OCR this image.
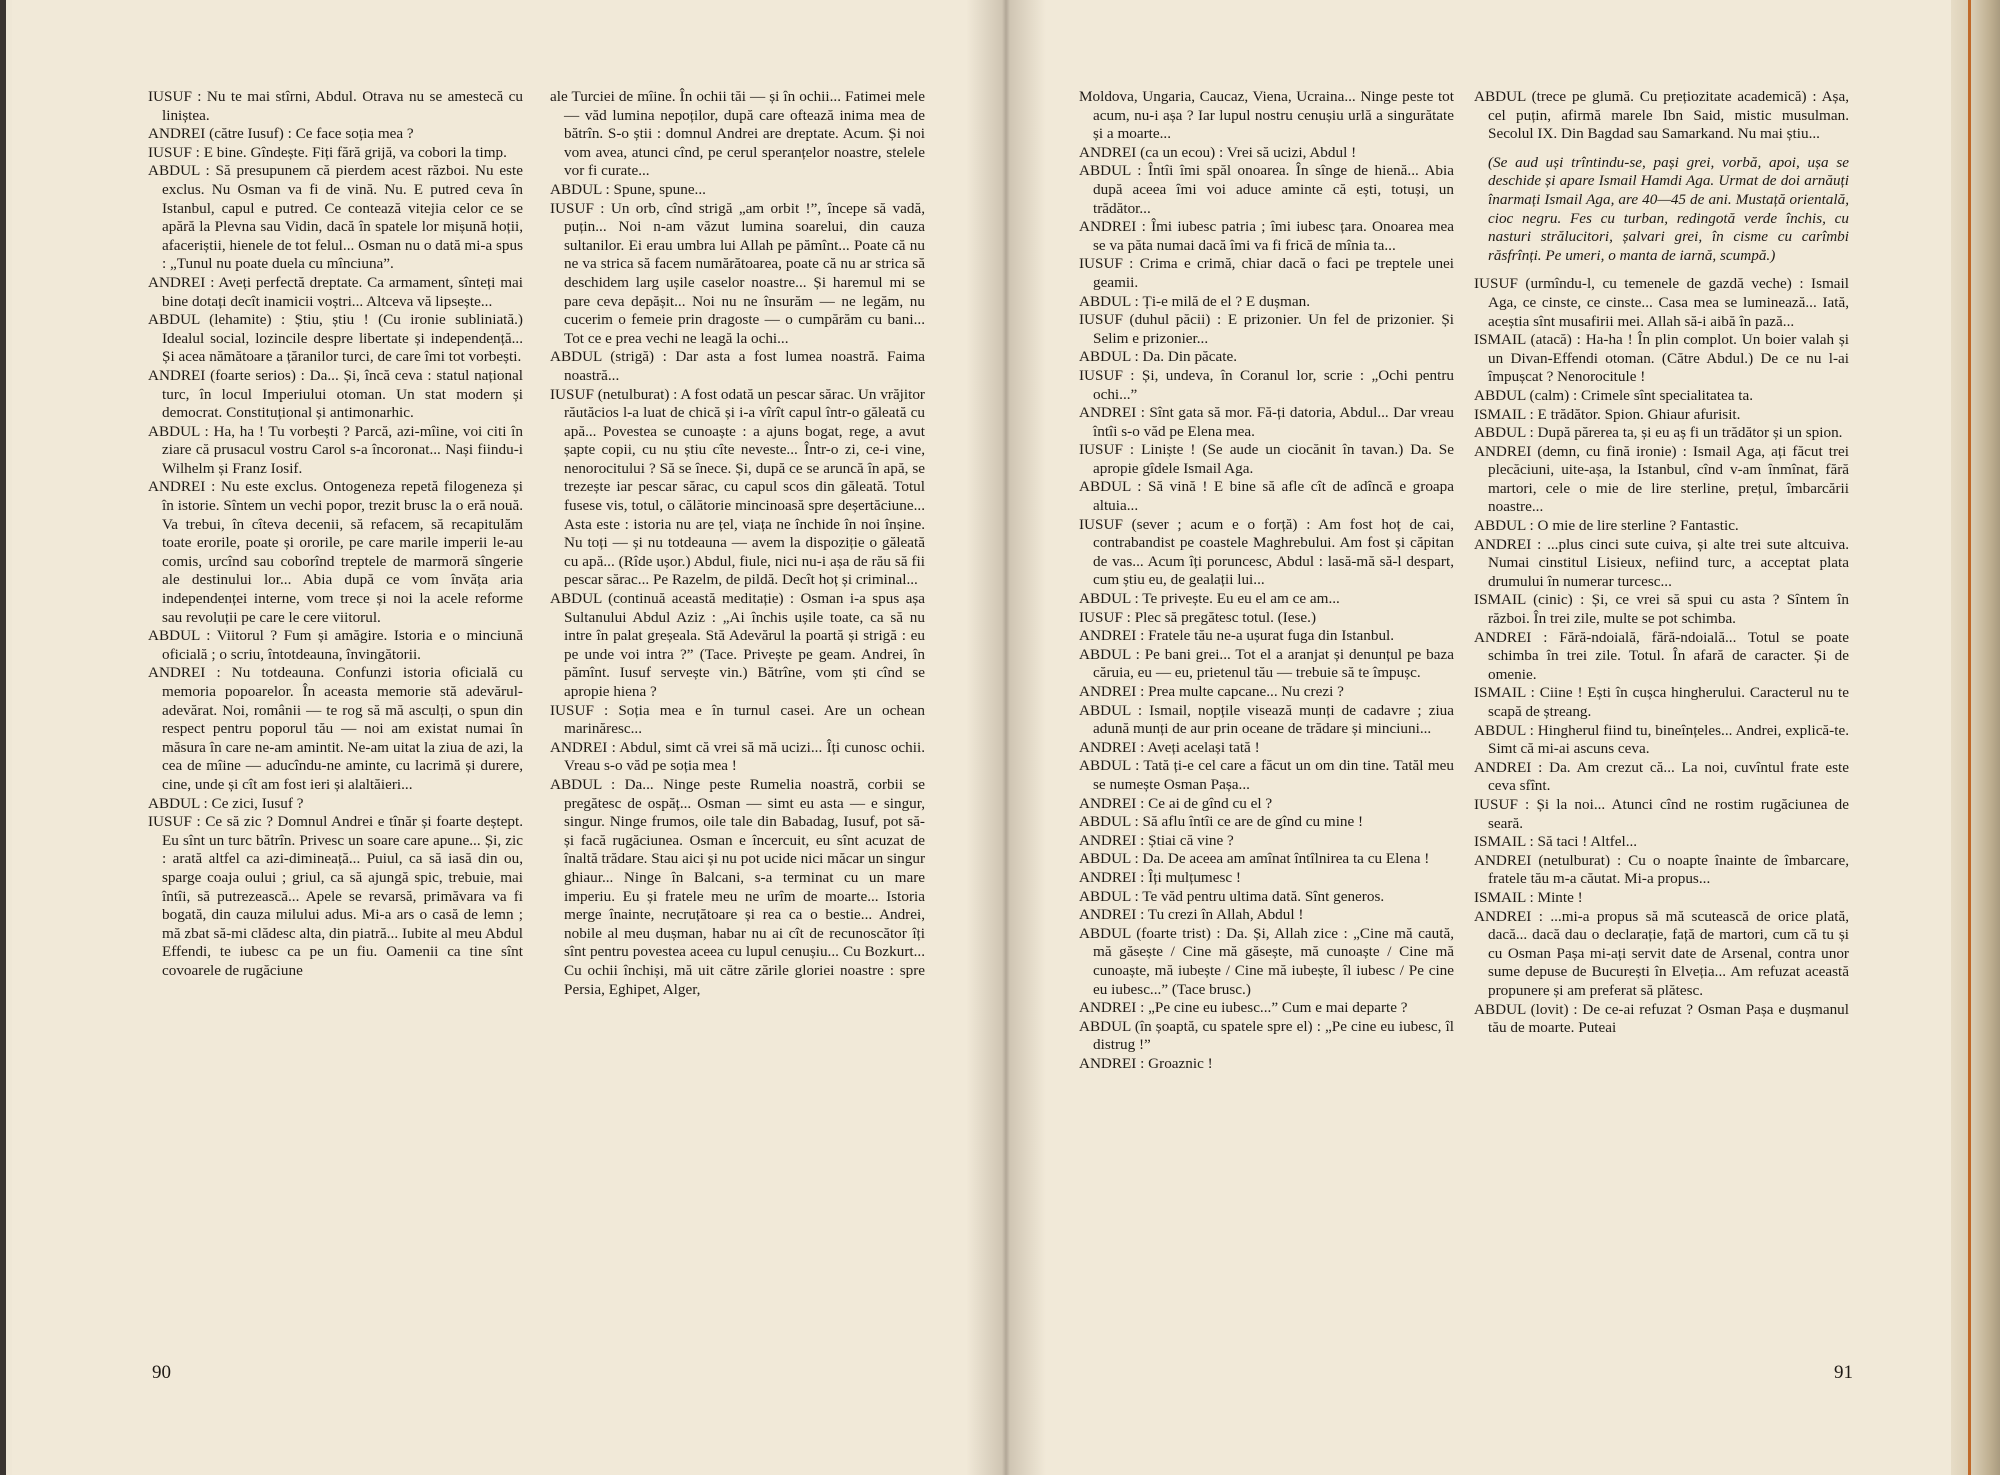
IUSUF : Nu te mai stîrni, Abdul. Otrava nu se amestecă cu liniștea.

ANDREI (către Iusuf) : Ce face soția mea ?

IUSUF : E bine. Gîndește. Fiți fără grijă, va cobori la timp.

ABDUL : Să presupunem că pierdem acest război. Nu este exclus. Nu Osman va fi de vină. Nu. E putred ceva în Istanbul, capul e putred. Ce contează vitejia celor ce se apără la Plevna sau Vidin, dacă în spatele lor mișună hoții, afaceriștii, hienele de tot felul... Osman nu o dată mi-a spus : „Tunul nu poate duela cu mînciuna”.

ANDREI : Aveți perfectă dreptate. Ca armament, sînteți mai bine dotați decît inamicii voștri... Altceva vă lipsește...

ABDUL (lehamite) : Știu, știu ! (Cu ironie subliniată.) Idealul social, lozincile despre libertate și independență... Și acea nămătoare a țăranilor turci, de care îmi tot vorbești.

ANDREI (foarte serios) : Da... Și, încă ceva : statul național turc, în locul Imperiului otoman. Un stat modern și democrat. Constituțional și antimonarhic.

ABDUL : Ha, ha ! Tu vorbești ? Parcă, azi-mîine, voi citi în ziare că prusacul vostru Carol s-a încoronat... Nași fiindu-i Wilhelm și Franz Iosif.

ANDREI : Nu este exclus. Ontogeneza repetă filogeneza și în istorie. Sîntem un vechi popor, trezit brusc la o eră nouă. Va trebui, în cîteva decenii, să refacem, să recapitulăm toate erorile, poate și ororile, pe care marile imperii le-au comis, urcînd sau coborînd treptele de marmoră sîngerie ale destinului lor... Abia după ce vom învăța aria independenței interne, vom trece și noi la acele reforme sau revoluții pe care le cere viitorul.

ABDUL : Viitorul ? Fum și amăgire. Istoria e o minciună oficială ; o scriu, întotdeauna, învingătorii.

ANDREI : Nu totdeauna. Confunzi istoria oficială cu memoria popoarelor. În aceasta memorie stă adevărul-adevărat. Noi, românii — te rog să mă asculți, o spun din respect pentru poporul tău — noi am existat numai în măsura în care ne-am amintit. Ne-am uitat la ziua de azi, la cea de mîine — aducîndu-ne aminte, cu lacrimă și durere, cine, unde și cît am fost ieri și alaltăieri...

ABDUL : Ce zici, Iusuf ?

IUSUF : Ce să zic ? Domnul Andrei e tînăr și foarte deștept. Eu sînt un turc bătrîn. Privesc un soare care apune... Și, zic : arată altfel ca azi-dimineață... Puiul, ca să iasă din ou, sparge coaja oului ; griul, ca să ajungă spic, trebuie, mai întîi, să putrezească... Apele se revarsă, primăvara va fi bogată, din cauza milului adus. Mi-a ars o casă de lemn ; mă zbat să-mi clădesc alta, din piatră... Iubite al meu Abdul Effendi, te iubesc ca pe un fiu. Oamenii ca tine sînt covoarele de rugăciune

ale Turciei de mîine. În ochii tăi — și în ochii... Fatimei mele — văd lumina nepoților, după care oftează inima mea de bătrîn. S-o știi : domnul Andrei are dreptate. Acum. Și noi vom avea, atunci cînd, pe cerul speranțelor noastre, stelele vor fi curate...

ABDUL : Spune, spune...

IUSUF : Un orb, cînd strigă „am orbit !”, începe să vadă, puțin... Noi n-am văzut lumina soarelui, din cauza sultanilor. Ei erau umbra lui Allah pe pămînt... Poate că nu ne va strica să facem numărătoarea, poate că nu ar strica să deschidem larg ușile caselor noastre... Și haremul mi se pare ceva depășit... Noi nu ne însurăm — ne legăm, nu cucerim o femeie prin dragoste — o cumpărăm cu bani... Tot ce e prea vechi ne leagă la ochi...

ABDUL (strigă) : Dar asta a fost lumea noastră. Faima noastră...

IUSUF (netulburat) : A fost odată un pescar sărac. Un vrăjitor răutăcios l-a luat de chică și i-a vîrît capul într-o găleată cu apă... Povestea se cunoaște : a ajuns bogat, rege, a avut șapte copii, cu nu știu cîte neveste... Într-o zi, ce-i vine, nenorocitului ? Să se înece. Și, după ce se aruncă în apă, se trezește iar pescar sărac, cu capul scos din găleată. Totul fusese vis, totul, o călătorie mincinoasă spre deșertăciune... Asta este : istoria nu are țel, viața ne închide în noi înșine. Nu toți — și nu totdeauna — avem la dispoziție o găleată cu apă... (Rîde ușor.) Abdul, fiule, nici nu-i așa de rău să fii pescar sărac... Pe Razelm, de pildă. Decît hoț și criminal...

ABDUL (continuă această meditație) : Osman i-a spus așa Sultanului Abdul Aziz : „Ai închis ușile toate, ca să nu intre în palat greșeala. Stă Adevărul la poartă și strigă : eu pe unde voi intra ?” (Tace. Privește pe geam. Andrei, în pămînt. Iusuf servește vin.) Bătrîne, vom ști cînd se apropie hiena ?

IUSUF : Soția mea e în turnul casei. Are un ochean marinăresc...

ANDREI : Abdul, simt că vrei să mă ucizi... Îți cunosc ochii. Vreau s-o văd pe soția mea !

ABDUL : Da... Ninge peste Rumelia noastră, corbii se pregătesc de ospăț... Osman — simt eu asta — e singur, singur. Ninge frumos, oile tale din Babadag, Iusuf, pot să-și facă rugăciunea. Osman e încercuit, eu sînt acuzat de înaltă trădare. Stau aici și nu pot ucide nici măcar un singur ghiaur... Ninge în Balcani, s-a terminat cu un mare imperiu. Eu și fratele meu ne urîm de moarte... Istoria merge înainte, necruțătoare și rea ca o bestie... Andrei, nobile al meu dușman, habar nu ai cît de recunoscător îți sînt pentru povestea aceea cu lupul cenușiu... Cu Bozkurt... Cu ochii închiși, mă uit către zările gloriei noastre : spre Persia, Eghipet, Alger,

90

Moldova, Ungaria, Caucaz, Viena, Ucraina... Ninge peste tot acum, nu-i așa ? Iar lupul nostru cenușiu urlă a singurătate și a moarte...

ANDREI (ca un ecou) : Vrei să ucizi, Abdul !

ABDUL : Întîi îmi spăl onoarea. În sînge de hienă... Abia după aceea îmi voi aduce aminte că ești, totuși, un trădător...

ANDREI : Îmi iubesc patria ; îmi iubesc țara. Onoarea mea se va păta numai dacă îmi va fi frică de mînia ta...

IUSUF : Crima e crimă, chiar dacă o faci pe treptele unei geamii.

ABDUL : Ți-e milă de el ? E dușman.

IUSUF (duhul păcii) : E prizonier. Un fel de prizonier. Și Selim e prizonier...

ABDUL : Da. Din păcate.

IUSUF : Și, undeva, în Coranul lor, scrie : „Ochi pentru ochi...”

ANDREI : Sînt gata să mor. Fă-ți datoria, Abdul... Dar vreau întîi s-o văd pe Elena mea.

IUSUF : Liniște ! (Se aude un ciocănit în tavan.) Da. Se apropie gîdele Ismail Aga.

ABDUL : Să vină ! E bine să afle cît de adîncă e groapa altuia...

IUSUF (sever ; acum e o forță) : Am fost hoț de cai, contrabandist pe coastele Maghrebului. Am fost și căpitan de vas... Acum îți poruncesc, Abdul : lasă-mă să-l despart, cum știu eu, de gealații lui...

ABDUL : Te privește. Eu eu el am ce am...

IUSUF : Plec să pregătesc totul. (Iese.)

ANDREI : Fratele tău ne-a ușurat fuga din Istanbul.

ABDUL : Pe bani grei... Tot el a aranjat și denunțul pe baza căruia, eu — eu, prietenul tău — trebuie să te împușc.

ANDREI : Prea multe capcane... Nu crezi ?

ABDUL : Ismail, nopțile visează munți de cadavre ; ziua adună munți de aur prin oceane de trădare și minciuni...

ANDREI : Aveți același tată !

ABDUL : Tată ți-e cel care a făcut un om din tine. Tatăl meu se numește Osman Pașa...

ANDREI : Ce ai de gînd cu el ?

ABDUL : Să aflu întîi ce are de gînd cu mine !

ANDREI : Știai că vine ?

ABDUL : Da. De aceea am amînat întîlnirea ta cu Elena !

ANDREI : Îți mulțumesc !

ABDUL : Te văd pentru ultima dată. Sînt generos.

ANDREI : Tu crezi în Allah, Abdul !

ABDUL (foarte trist) : Da. Și, Allah zice : „Cine mă caută, mă găsește / Cine mă găsește, mă cunoaște / Cine mă cunoaște, mă iubește / Cine mă iubește, îl iubesc / Pe cine eu iubesc...” (Tace brusc.)

ANDREI : „Pe cine eu iubesc...” Cum e mai departe ?

ABDUL (în șoaptă, cu spatele spre el) : „Pe cine eu iubesc, îl distrug !”

ANDREI : Groaznic !

ABDUL (trece pe glumă. Cu prețiozitate academică) : Așa, cel puțin, afirmă marele Ibn Said, mistic musulman. Secolul IX. Din Bagdad sau Samarkand. Nu mai știu...

(Se aud uși trîntindu-se, pași grei, vorbă, apoi, ușa se deschide și apare Ismail Hamdi Aga. Urmat de doi arnăuți înarmați Ismail Aga, are 40—45 de ani. Mustață orientală, cioc negru. Fes cu turban, redingotă verde închis, cu nasturi strălucitori, șalvari grei, în cisme cu carîmbi răsfrînți. Pe umeri, o manta de iarnă, scumpă.)

IUSUF (urmîndu-l, cu temenele de gazdă veche) : Ismail Aga, ce cinste, ce cinste... Casa mea se luminează... Iată, aceștia sînt musafirii mei. Allah să-i aibă în pază...

ISMAIL (atacă) : Ha-ha ! În plin complot. Un boier valah și un Divan-Effendi otoman. (Către Abdul.) De ce nu l-ai împușcat ? Nenorocitule !

ABDUL (calm) : Crimele sînt specialitatea ta.

ISMAIL : E trădător. Spion. Ghiaur afurisit.

ABDUL : După părerea ta, și eu aș fi un trădător și un spion.

ANDREI (demn, cu fină ironie) : Ismail Aga, ați făcut trei plecăciuni, uite-așa, la Istanbul, cînd v-am înmînat, fără martori, cele o mie de lire sterline, prețul, îmbarcării noastre...

ABDUL : O mie de lire sterline ? Fantastic.

ANDREI : ...plus cinci sute cuiva, și alte trei sute altcuiva. Numai cinstitul Lisieux, nefiind turc, a acceptat plata drumului în numerar turcesc...

ISMAIL (cinic) : Și, ce vrei să spui cu asta ? Sîntem în război. În trei zile, multe se pot schimba.

ANDREI : Fără-ndoială, fără-ndoială... Totul se poate schimba în trei zile. Totul. În afară de caracter. Și de omenie.

ISMAIL : Ciine ! Ești în cușca hingherului. Caracterul nu te scapă de ștreang.

ABDUL : Hingherul fiind tu, bineînțeles... Andrei, explică-te. Simt că mi-ai ascuns ceva.

ANDREI : Da. Am crezut că... La noi, cuvîntul frate este ceva sfînt.

IUSUF : Și la noi... Atunci cînd ne rostim rugăciunea de seară.

ISMAIL : Să taci ! Altfel...

ANDREI (netulburat) : Cu o noapte înainte de îmbarcare, fratele tău m-a căutat. Mi-a propus...

ISMAIL : Minte !

ANDREI : ...mi-a propus să mă scutească de orice plată, dacă... dacă dau o declarație, față de martori, cum că tu și cu Osman Pașa mi-ați servit date de Arsenal, contra unor sume depuse de București în Elveția... Am refuzat această propunere și am preferat să plătesc.

ABDUL (lovit) : De ce-ai refuzat ? Osman Pașa e dușmanul tău de moarte. Puteai

91
